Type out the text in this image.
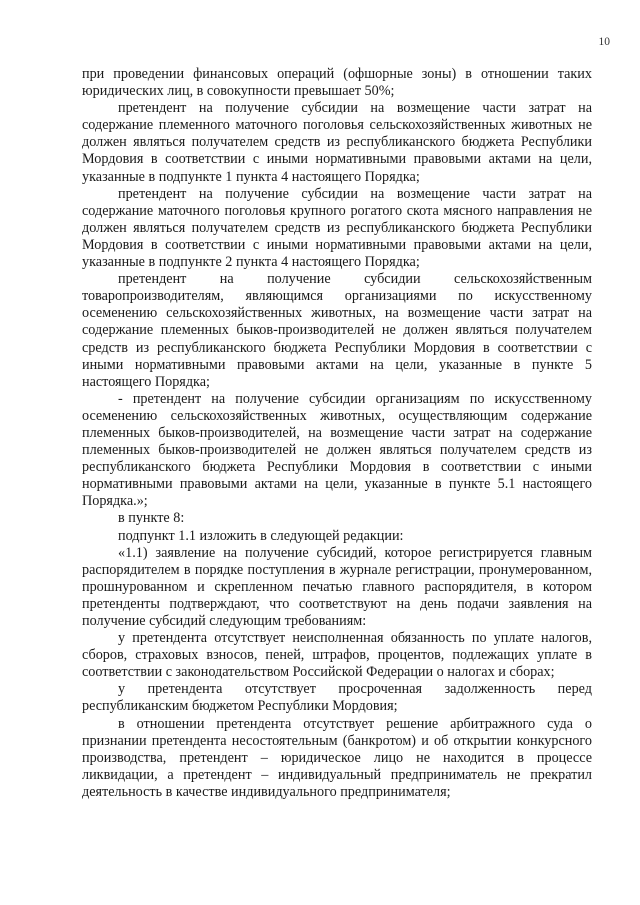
10

при проведении финансовых операций (офшорные зоны) в отношении таких юридических лиц, в совокупности превышает 50%;

претендент на получение субсидии на возмещение части затрат на содержание племенного маточного поголовья сельскохозяйственных животных не должен являться получателем средств из республиканского бюджета Республики Мордовия в соответствии с иными нормативными правовыми актами на цели, указанные в подпункте 1 пункта 4 настоящего Порядка;

претендент на получение субсидии на возмещение части затрат на содержание маточного поголовья крупного рогатого скота мясного направления не должен являться получателем средств из республиканского бюджета Республики Мордовия в соответствии с иными нормативными правовыми актами на цели, указанные в подпункте 2 пункта 4 настоящего Порядка;

претендент на получение субсидии сельскохозяйственным товаропроизводителям, являющимся организациями по искусственному осеменению сельскохозяйственных животных, на возмещение части затрат на содержание племенных быков-производителей не должен являться получателем средств из республиканского бюджета Республики Мордовия в соответствии с иными нормативными правовыми актами на цели, указанные в пункте 5 настоящего Порядка;

- претендент на получение субсидии организациям по искусственному осеменению сельскохозяйственных животных, осуществляющим содержание племенных быков-производителей, на возмещение части затрат на содержание племенных быков-производителей не должен являться получателем средств из республиканского бюджета Республики Мордовия в соответствии с иными нормативными правовыми актами на цели, указанные в пункте 5.1 настоящего Порядка.»;

в пункте 8:

подпункт 1.1 изложить в следующей редакции:

«1.1) заявление на получение субсидий, которое регистрируется главным распорядителем в порядке поступления в журнале регистрации, пронумерованном, прошнурованном и скрепленном печатью главного распорядителя, в котором претенденты подтверждают, что соответствуют на день подачи заявления на получение субсидий следующим требованиям:

у претендента отсутствует неисполненная обязанность по уплате налогов, сборов, страховых взносов, пеней, штрафов, процентов, подлежащих уплате в соответствии с законодательством Российской Федерации о налогах и сборах;

у претендента отсутствует просроченная задолженность перед республиканским бюджетом Республики Мордовия;

в отношении претендента отсутствует решение арбитражного суда о признании претендента несостоятельным (банкротом) и об открытии конкурсного производства, претендент – юридическое лицо не находится в процессе ликвидации, а претендент – индивидуальный предприниматель не прекратил деятельность в качестве индивидуального предпринимателя;
